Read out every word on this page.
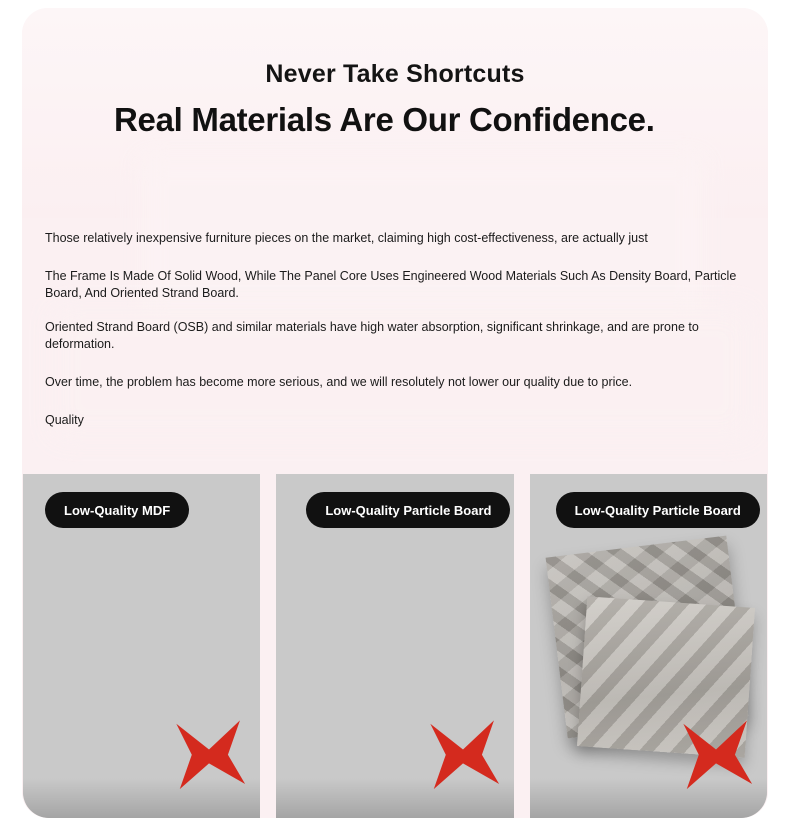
Never Take Shortcuts
Real Materials Are Our Confidence.

Those relatively inexpensive furniture pieces on the market, claiming high cost-effectiveness, are actually just

The Frame Is Made Of Solid Wood, While The Panel Core Uses Engineered Wood Materials Such As Density Board, Particle Board, And Oriented Strand Board.

Oriented Strand Board (OSB) and similar materials have high water absorption, significant shrinkage, and are prone to deformation.

Over time, the problem has become more serious, and we will resolutely not lower our quality due to price.

Quality

Low-Quality MDF	Low-Quality Particle Board	Low-Quality Particle Board
